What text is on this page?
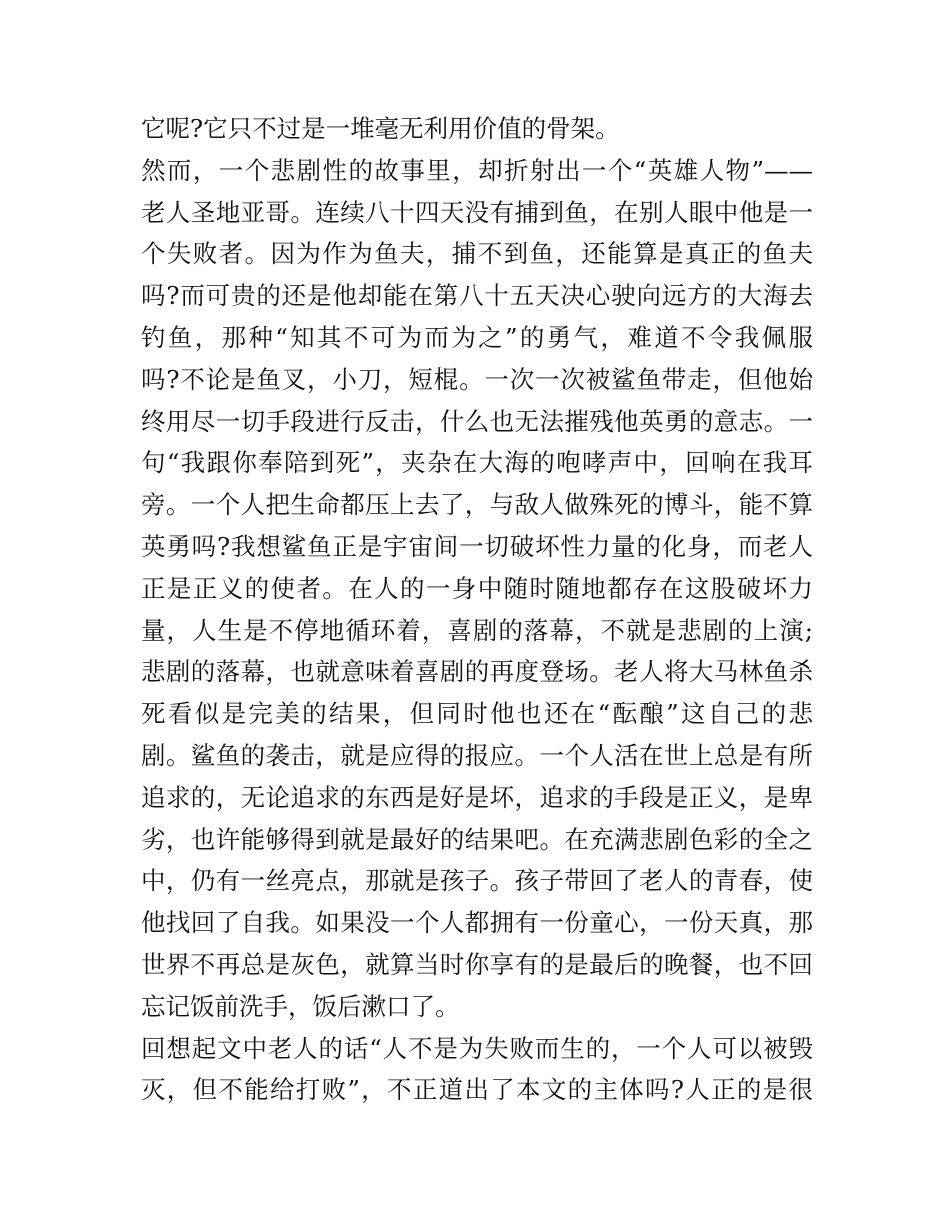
它呢?它只不过是一堆毫无利用价值的骨架。
然而，一个悲剧性的故事里，却折射出一个“英雄人物”——
老人圣地亚哥。连续八十四天没有捕到鱼，在别人眼中他是一
个失败者。因为作为鱼夫，捕不到鱼，还能算是真正的鱼夫
吗?而可贵的还是他却能在第八十五天决心驶向远方的大海去
钓鱼，那种“知其不可为而为之”的勇气，难道不令我佩服
吗?不论是鱼叉，小刀，短棍。一次一次被鲨鱼带走，但他始
终用尽一切手段进行反击，什么也无法摧残他英勇的意志。一
句“我跟你奉陪到死”，夹杂在大海的咆哮声中，回响在我耳
旁。一个人把生命都压上去了，与敌人做殊死的博斗，能不算
英勇吗?我想鲨鱼正是宇宙间一切破坏性力量的化身，而老人
正是正义的使者。在人的一身中随时随地都存在这股破坏力
量，人生是不停地循环着，喜剧的落幕，不就是悲剧的上演;
悲剧的落幕，也就意味着喜剧的再度登场。老人将大马林鱼杀
死看似是完美的结果，但同时他也还在“酝酿”这自己的悲
剧。鲨鱼的袭击，就是应得的报应。一个人活在世上总是有所
追求的，无论追求的东西是好是坏，追求的手段是正义，是卑
劣，也许能够得到就是最好的结果吧。在充满悲剧色彩的全之
中，仍有一丝亮点，那就是孩子。孩子带回了老人的青春，使
他找回了自我。如果没一个人都拥有一份童心，一份天真，那
世界不再总是灰色，就算当时你享有的是最后的晚餐，也不回
忘记饭前洗手，饭后漱口了。
回想起文中老人的话“人不是为失败而生的，一个人可以被毁
灭，但不能给打败”，不正道出了本文的主体吗?人正的是很
